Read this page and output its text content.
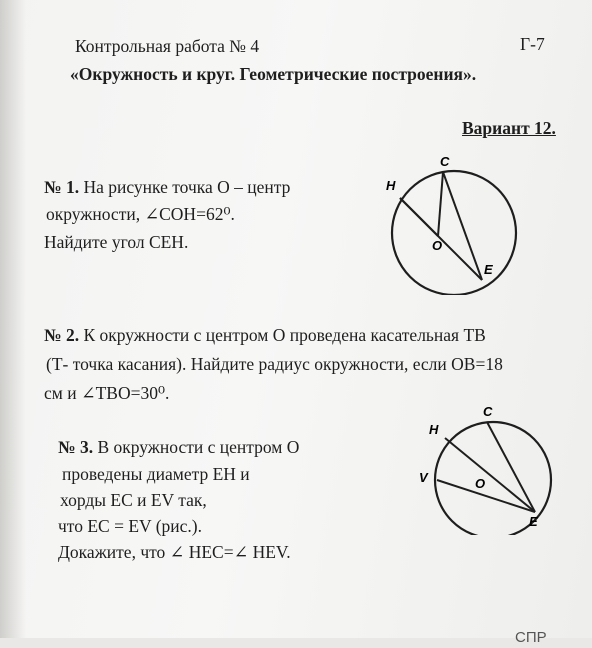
Контрольная работа № 4	Г-7
«Окружность и круг. Геометрические построения».
Вариант 12.
№ 1. На рисунке точка О – центр
окружности, ∠СОН=62⁰.
Найдите угол СЕН.
C
H
O
E
№ 2. К окружности с центром О проведена касательная ТВ
(Т- точка касания). Найдите радиус окружности, если ОВ=18
см и ∠ТВО=30⁰.
№ 3. В окружности с центром О
проведены диаметр ЕН и
хорды ЕС и EV так,
что ЕС = EV (рис.).
Докажите, что ∠ НЕС=∠ HEV.
C
H
V	O
E
СПР
